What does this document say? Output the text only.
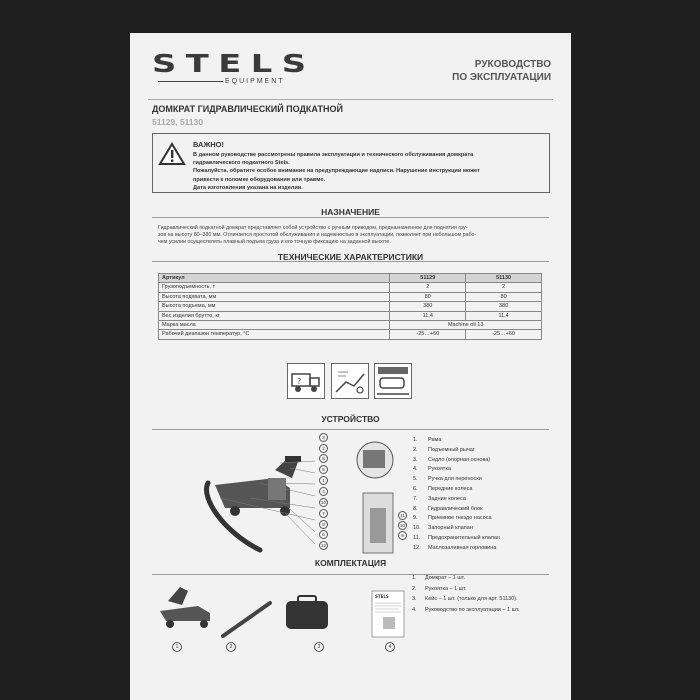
STELS
EQUIPMENT
РУКОВОДСТВО
ПО ЭКСПЛУАТАЦИИ
ДОМКРАТ ГИДРАВЛИЧЕСКИЙ ПОДКАТНОЙ
51129, 51130
ВАЖНО!
В данном руководстве рассмотрены правила эксплуатации и технического обслуживания домкрата
гидравлического подкатного Stels.
Пожалуйста, обратите особое внимание на предупреждающие надписи. Нарушение инструкции может
привести к поломке оборудования или травме.
Дата изготовления указана на изделии.
НАЗНАЧЕНИЕ
Гидравлический подкатной домкрат представляет собой устройство с ручным приводом, предназначенное для поднятия гру-
зов на высоту 80–380 мм. Отличается простотой обслуживания и надежностью в эксплуатации, позволяет при небольшом рабо-
чем усилии осуществлять плавный подъем груза и его точную фиксацию на заданной высоте.
ТЕХНИЧЕСКИЕ ХАРАКТЕРИСТИКИ
Артикул	51129	51130
Грузоподъемность, т	2	2
Высота подхвата, мм	80	80
Высота подъема, мм	380	380
Вес изделия брутто, кг	11,4	11,4
Марка масла	Machine oil 13	
Рабочий диапазон температур, °С	-25…+60	-25…+60
?
УСТРОЙСТВО
3
2
8
5
1
4
10
7
9
6
12
11
10
9
1. Рама
2. Подъемный рычаг
3. Седло (опорная основа)
4. Рукоятка
5. Ручка для переноски
6. Передние колеса
7. Задние колеса
8. Гидравлический блок
9. Приемное гнездо насоса
10. Запорный клапан
11. Предохранительный клапан
12. Маслозаливная горловина
КОМПЛЕКТАЦИЯ
STELS
1	2	3	4
1. Домкрат – 1 шт.
2. Рукоятка – 1 шт.
3. Кейс – 1 шт. (только для арт. 51130).
4. Руководство по эксплуатации – 1 шт.
